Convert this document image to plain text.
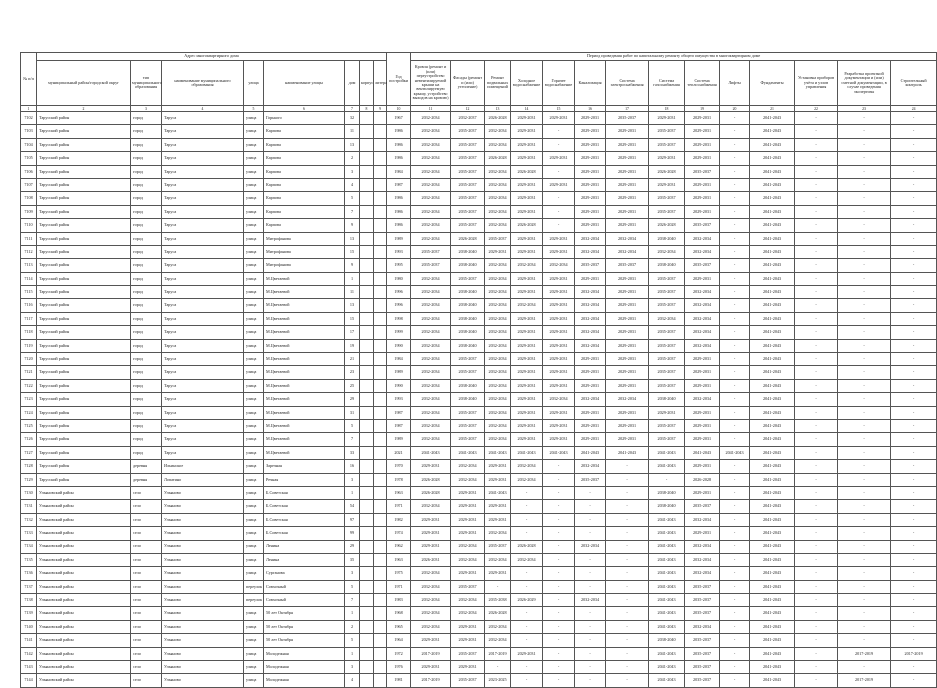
№ п/п	Адрес многоквартирного дома								Год постройки	Период проведения работ по капитальному ремонту общего имущества в многоквартирном доме													
	муниципальный район/городской округ	тип муниципального образования	наименование муниципального образования	улица	наименование улицы	дом	корпус	литера		Кровля (ремонт и (или) переустройство невентилируемой крыши на вентилируемую крышу, устройство выходов на кровлю)	Фасады (ремонт и (или) утепление)	Ремонт подвальных помещений	Холодное водоснабжение	Горячее водоснабжение	Канализация	Система электроснабжения	Система газоснабжения	Система теплоснабжения	Лифты	Фундаменты	Установка приборов учёта и узлов управления	Разработка проектной документации и (или) сметной документации, в случае проведения экспертизы	Строительный контроль
1	2	3	4	5	6	7	8	9	10	11	12	13	14	15	16	17	18	19	20	21	22	23	24
7102	Тарусский район	город	Таруса	улица	Горького	32			1967	2032-2034	2032-2037	2026-2028	2029-2031	2029-2031	2029-2031	2035-2037	2029-2031	2029-2031	-	2041-2043	-	-	-
7103	Тарусский район	город	Таруса	улица	Карпова	11			1986	2032-2034	2035-2037	2032-2034	2029-2031	-	2029-2031	2029-2031	2035-2037	2029-2031	-	2041-2043	-	-	-
7104	Тарусский район	город	Таруса	улица	Карпова	13			1986	2032-2034	2035-2037	2032-2034	2029-2031	-	2029-2031	2029-2031	2035-2037	2029-2031	-	2041-2043	-	-	-
7105	Тарусский район	город	Таруса	улица	Карпова	2			1986	2032-2034	2035-2037	2026-2028	2029-2031	2029-2031	2029-2031	2029-2031	2029-2031	2029-2031	-	2041-2043	-	-	-
7106	Тарусский район	город	Таруса	улица	Карпова	3			1984	2032-2034	2035-2037	2032-2034	2026-2028	-	2029-2031	2029-2031	2026-2028	2035-2037	-	2041-2043	-	-	-
7107	Тарусский район	город	Таруса	улица	Карпова	4			1987	2032-2034	2035-2037	2032-2034	2029-2031	2029-2031	2029-2031	2029-2031	2029-2031	2029-2031	-	2041-2043	-	-	-
7108	Тарусский район	город	Таруса	улица	Карпова	5			1986	2032-2034	2035-2037	2032-2034	2029-2031	-	2029-2031	2029-2031	2035-2037	2029-2031	-	2041-2043	-	-	-
7109	Тарусский район	город	Таруса	улица	Карпова	7			1986	2032-2034	2035-2037	2032-2034	2029-2031	-	2029-2031	2029-2031	2035-2037	2029-2031	-	2041-2043	-	-	-
7110	Тарусский район	город	Таруса	улица	Карпова	9			1986	2032-2034	2035-2037	2032-2034	2026-2028	-	2029-2031	2029-2031	2026-2028	2035-2037	-	2041-2043	-	-	-
7111	Тарусский район	город	Таруса	улица	Митрофанова	13			1989	2032-2034	2026-2028	2035-2037	2029-2031	2029-2031	2032-2034	2032-2034	2038-2040	2032-2034	-	2041-2043	-	-	-
7112	Тарусский район	город	Таруса	улица	Митрофанова	15			1993	2035-2037	2038-2040	2029-2031	2029-2031	2029-2031	2032-2034	2032-2034	2032-2034	2032-2034	-	2041-2043	-	-	-
7113	Тарусский район	город	Таруса	улица	Митрофанова	9			1995	2035-2037	2038-2040	2032-2034	2032-2034	2032-2034	2035-2037	2035-2037	2038-2040	2035-2037	-	2041-2043	-	-	-
7114	Тарусский район	город	Таруса	улица	М.Цветаевой	1			1980	2032-2034	2035-2037	2032-2034	2029-2031	2029-2031	2029-2031	2029-2031	2035-2037	2029-2031	-	2041-2043	-	-	-
7115	Тарусский район	город	Таруса	улица	М.Цветаевой	11			1996	2032-2034	2038-2040	2032-2034	2029-2031	2029-2031	2032-2034	2029-2031	2035-2037	2032-2034	-	2041-2043	-	-	-
7116	Тарусский район	город	Таруса	улица	М.Цветаевой	13			1996	2032-2034	2038-2040	2032-2034	2032-2034	2029-2031	2032-2034	2029-2031	2035-2037	2032-2034	-	2041-2043	-	-	-
7117	Тарусский район	город	Таруса	улица	М.Цветаевой	15			1998	2032-2034	2038-2040	2032-2034	2029-2031	2029-2031	2032-2034	2029-2031	2032-2034	2032-2034	-	2041-2043	-	-	-
7118	Тарусский район	город	Таруса	улица	М.Цветаевой	17			1999	2032-2034	2038-2040	2032-2034	2029-2031	2029-2031	2032-2034	2029-2031	2035-2037	2032-2034	-	2041-2043	-	-	-
7119	Тарусский район	город	Таруса	улица	М.Цветаевой	19			1990	2032-2034	2038-2040	2032-2034	2029-2031	2029-2031	2032-2034	2029-2031	2035-2037	2032-2034	-	2041-2043	-	-	-
7120	Тарусский район	город	Таруса	улица	М.Цветаевой	21			1984	2032-2034	2035-2037	2032-2034	2029-2031	2029-2031	2029-2031	2029-2031	2035-2037	2029-2031	-	2041-2043	-	-	-
7121	Тарусский район	город	Таруса	улица	М.Цветаевой	23			1989	2032-2034	2035-2037	2032-2034	2029-2031	2029-2031	2029-2031	2029-2031	2035-2037	2029-2031	-	2041-2043	-	-	-
7122	Тарусский район	город	Таруса	улица	М.Цветаевой	25			1990	2032-2034	2038-2040	2032-2034	2029-2031	2029-2031	2029-2031	2029-2031	2035-2037	2029-2031	-	2041-2043	-	-	-
7123	Тарусский район	город	Таруса	улица	М.Цветаевой	29			1993	2032-2034	2038-2040	2032-2034	2029-2031	2032-2034	2032-2034	2032-2034	2038-2040	2032-2034	-	2041-2043	-	-	-
7124	Тарусский район	город	Таруса	улица	М.Цветаевой	31			1987	2032-2034	2035-2037	2032-2034	2029-2031	2029-2031	2029-2031	2029-2031	2029-2031	2029-2031	-	2041-2043	-	-	-
7125	Тарусский район	город	Таруса	улица	М.Цветаевой	5			1987	2032-2034	2035-2037	2032-2034	2029-2031	2029-2031	2029-2031	2029-2031	2035-2037	2029-2031	-	2041-2043	-	-	-
7126	Тарусский район	город	Таруса	улица	М.Цветаевой	7			1989	2032-2034	2035-2037	2032-2034	2029-2031	2029-2031	2029-2031	2029-2031	2035-2037	2029-2031	-	2041-2043	-	-	-
7127	Тарусский район	город	Таруса	улица	М.Цветаевой	33			2021	2041-2043	2041-2043	2041-2043	2041-2043	2041-2043	2041-2043	2041-2043	2041-2043	2041-2043	2041-2043	2041-2043	-	-	-
7128	Тарусский район	деревня	Ильинское	улица	Заречная	16			1970	2029-2031	2032-2034	2029-2031	2032-2034	-	2032-2034	-	2041-2043	2029-2031	-	2041-2043	-	-	-
7129	Тарусский район	деревня	Лопатино	улица	Речная	3			1978	2026-2028	2032-2034	2029-2031	2032-2034	-	2035-2037	-	-	2026-2028	-	2041-2043	-	-	-
7130	Ульяновский район	село	Ульяново	улица	Б.Советская	1			1963	2026-2028	2029-2031	2041-2043	-	-	-	-	2038-2040	2029-2031	-	2041-2043	-	-	-
7131	Ульяновский район	село	Ульяново	улица	Б.Советская	54			1971	2032-2034	2029-2031	2029-2031	-	-	-	-	2038-2040	2035-2037	-	2041-2043	-	-	-
7132	Ульяновский район	село	Ульяново	улица	Б.Советская	97			1982	2029-2031	2029-2031	2029-2031	-	-	-	-	2041-2043	2032-2034	-	2041-2043	-	-	-
7133	Ульяновский район	село	Ульяново	улица	Б.Советская	99			1974	2029-2031	2029-2031	2032-2034	-	-	-	-	2041-2043	2029-2031	-	2041-2043	-	-	-
7134	Ульяновский район	село	Ульяново	улица	Ленина	29			1962	2029-2031	2032-2034	2035-2037	2026-2028	-	2032-2034	-	2041-2043	2032-2034	-	2041-2043	-	-	-
7135	Ульяновский район	село	Ульяново	улица	Ленина	35			1963	2026-2031	2032-2034	2032-2034	2032-2034	-	-	-	2041-2043	2032-2034	-	2041-2043	-	-	-
7136	Ульяновский район	село	Ульяново	улица	Сурганова	3			1975	2032-2034	2029-2031	2029-2031	-	-	-	-	2041-2043	2032-2034	-	2041-2043	-	-	-
7137	Ульяновский район	село	Ульяново	переулок	Совхозный	5			1971	2032-2034	2035-2037	-	-	-	-	-	2041-2043	2035-2037	-	2041-2043	-	-	-
7138	Ульяновский район	село	Ульяново	переулок	Совхозный	7			1983	2032-2034	2032-2034	2035-2038	2026-2029	-	2032-2034	-	2041-2043	2035-2037	-	2041-2043	-	-	-
7139	Ульяновский район	село	Ульяново	улица	50 лет Октября	1			1968	2032-2034	2032-2034	2026-2028	-	-	-	-	2041-2043	2035-2037	-	2041-2043	-	-	-
7140	Ульяновский район	село	Ульяново	улица	50 лет Октября	2			1965	2032-2034	2029-2031	2032-2034	-	-	-	-	2041-2043	2032-2034	-	2041-2043	-	-	-
7141	Ульяновский район	село	Ульяново	улица	50 лет Октября	5			1964	2029-2031	2029-2031	2032-2034	-	-	-	-	2038-2040	2035-2037	-	2041-2043	-	-	-
7142	Ульяновский район	село	Ульяново	улица	Молодежная	1			1972	2017-2019	2035-2037	2017-2019	2029-2031	-	-	-	2041-2043	2035-2037	-	2041-2043	-	2017-2019	2017-2019
7143	Ульяновский район	село	Ульяново	улица	Молодежная	3			1976	2029-2031	2029-2031	-	-	-	-	-	2041-2043	2035-2037	-	2041-2043	-	-	-
7144	Ульяновский район	село	Ульяново	улица	Молодежная	4			1981	2017-2019	2035-2037	2023-2025	-	-	-	-	2041-2043	2035-2037	-	2041-2043	-	2017-2019	-
